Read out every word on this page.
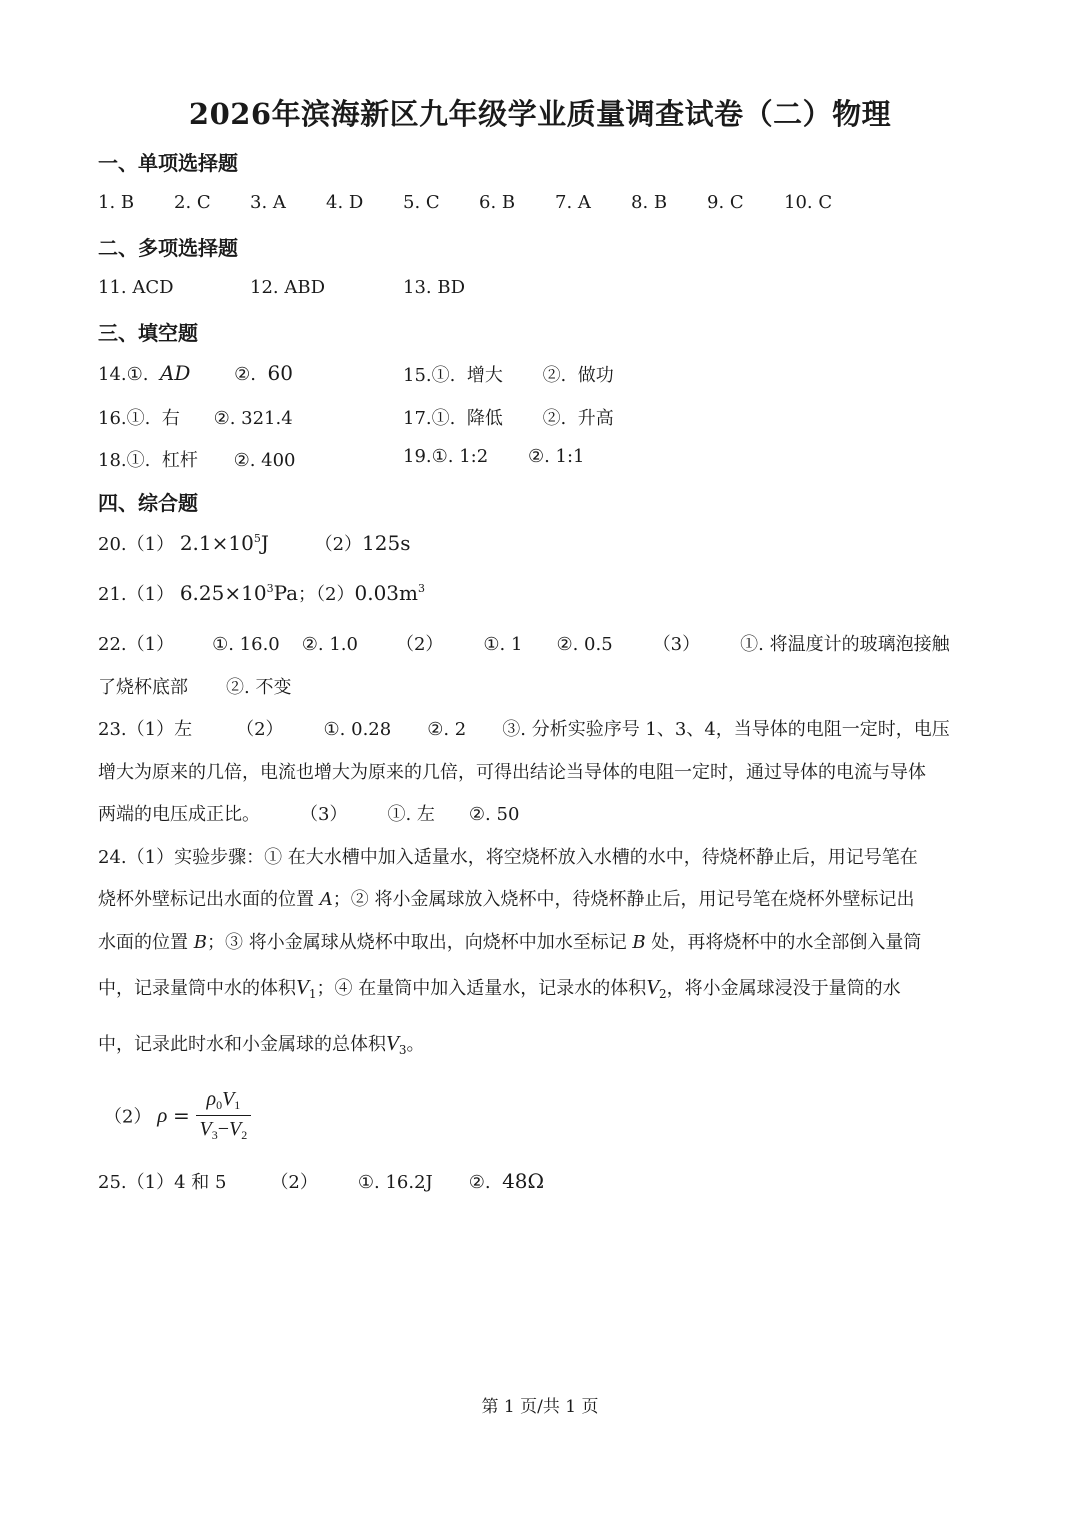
2026年滨海新区九年级学业质量调查试卷（二）物理
一、单项选择题
1. B 2. C 3. A 4. D 5. C 6. B 7. A 8. B 9. C 10. C
二、多项选择题
11. ACD	12. ABD	13. BD
三、填空题
14.①. AD ②. 60	15.①. 增大 ②. 做功
16.①. 右 ②. 321.4	17.①. 降低 ②. 升高
18.①. 杠杆 ②. 400	19.①. 1:2 ②. 1:1
四、综合题
20.（1） $2.1\times 10^5J$	（2）125s
21.（1） $6.25\times 10^3Pa$；$(2)0.03m^3$
22.（1） ①. 16.0 ②. 1.0 （2） ①. 1 ②. 0.5 （3） ①. 将温度计的玻璃泡接触
了烧杯底部 ②. 不变
23.（1）左 （2） ①. 0.28 ②. 2 ③. 分析实验序号 1、3、4，当导体的电阻一定时，电压
增大为原来的几倍，电流也增大为原来的几倍，可得出结论当导体的电阻一定时，通过导体的电流与导体
两端的电压成正比。 （3） ①. 左 ②. 50
24.（1）实验步骤：① 在大水槽中加入适量水，将空烧杯放入水槽的水中，待烧杯静止后，用记号笔在
烧杯外壁标记出水面的位置 A；② 将小金属球放入烧杯中，待烧杯静止后，用记号笔在烧杯外壁标记出
水面的位置 B；③ 将小金属球从烧杯中取出，向烧杯中加水至标记 B 处，再将烧杯中的水全部倒入量筒
中，记录量筒中水的体积$V_1$；④ 在量筒中加入适量水，记录水的体积$V_2$，将小金属球浸没于量筒的水
中，记录此时水和小金属球的总体积$V_3$。
（2） $\rho = \frac{\rho_0V_1}{V_3-V_2}$
25.（1）4 和 5 （2） ①. 16.2J ②. 48Ω
第 1 页/共 1 页
